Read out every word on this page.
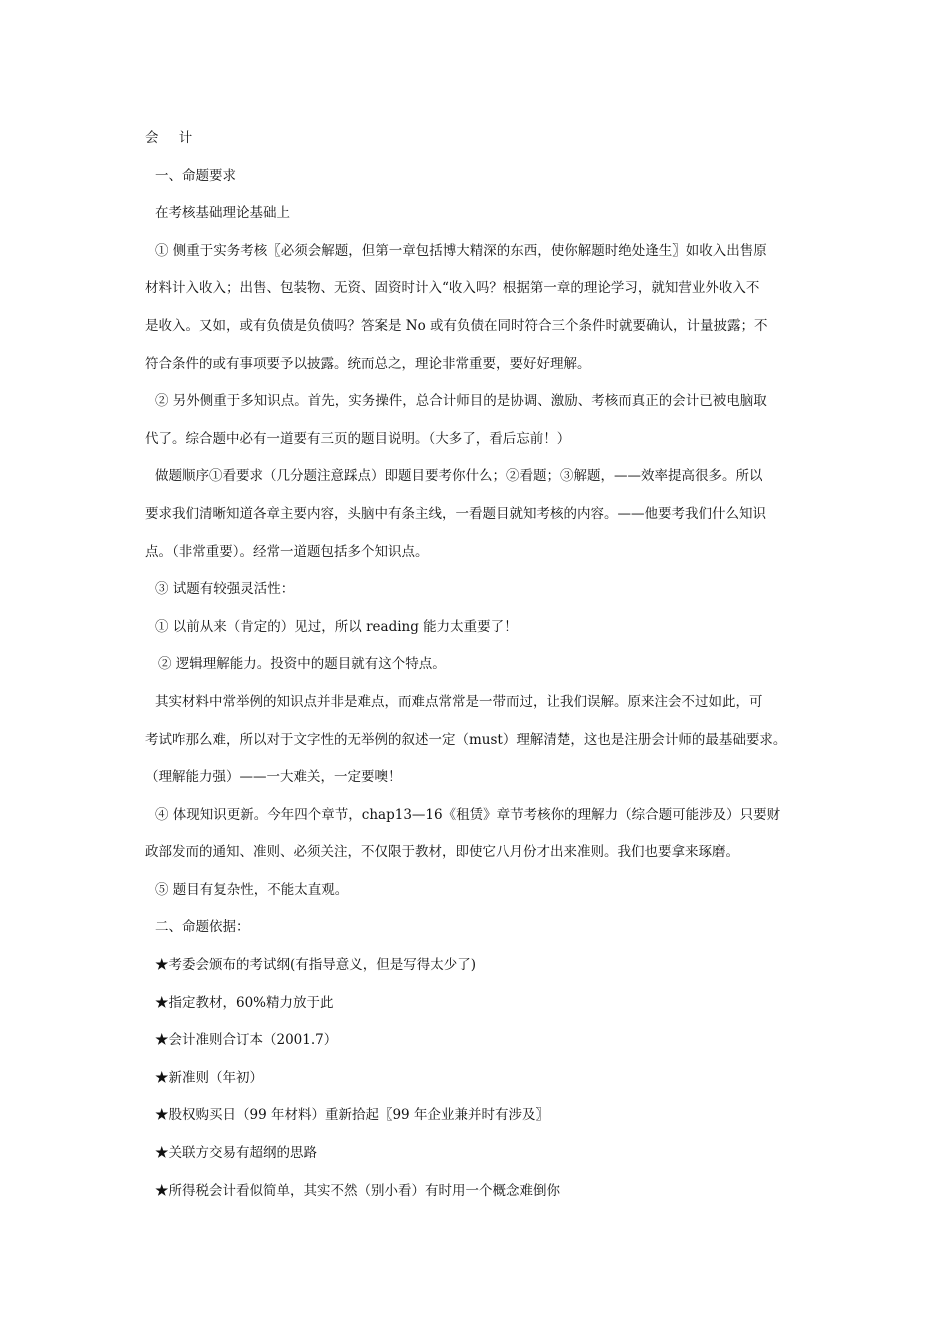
会 计
一、命题要求
在考核基础理论基础上
① 侧重于实务考核〖必须会解题，但第一章包括博大精深的东西，使你解题时绝处逢生〗如收入出售原
材料计入收入；出售、包装物、无资、固资时计入“收入吗？根据第一章的理论学习，就知营业外收入不
是收入。又如，或有负债是负债吗？答案是 No 或有负债在同时符合三个条件时就要确认，计量披露；不
符合条件的或有事项要予以披露。统而总之，理论非常重要，要好好理解。
② 另外侧重于多知识点。首先，实务操件，总合计师目的是协调、激励、考核而真正的会计已被电脑取
代了。综合题中必有一道要有三页的题目说明。（大多了，看后忘前！）
做题顺序①看要求（几分题注意踩点）即题目要考你什么；②看题；③解题，——效率提高很多。所以
要求我们清晰知道各章主要内容，头脑中有条主线，一看题目就知考核的内容。——他要考我们什么知识
点。（非常重要）。经常一道题包括多个知识点。
③ 试题有较强灵活性：
① 以前从来（肯定的）见过，所以 reading 能力太重要了！
② 逻辑理解能力。投资中的题目就有这个特点。
其实材料中常举例的知识点并非是难点，而难点常常是一带而过，让我们误解。原来注会不过如此，可
考试咋那么难，所以对于文字性的无举例的叙述一定（must）理解清楚，这也是注册会计师的最基础要求。
（理解能力强）——一大难关，一定要噢！
④ 体现知识更新。今年四个章节，chap13—16《租赁》章节考核你的理解力（综合题可能涉及）只要财
政部发而的通知、准则、必须关注，不仅限于教材，即使它八月份才出来准则。我们也要拿来琢磨。
⑤ 题目有复杂性，不能太直观。
二、命题依据：
★考委会颁布的考试纲(有指导意义，但是写得太少了)
★指定教材，60%精力放于此
★会计准则合订本（2001.7）
★新准则（年初）
★股权购买日（99 年材料）重新拾起〖99 年企业兼并时有涉及〗
★关联方交易有超纲的思路
★所得税会计看似简单，其实不然（别小看）有时用一个概念难倒你
